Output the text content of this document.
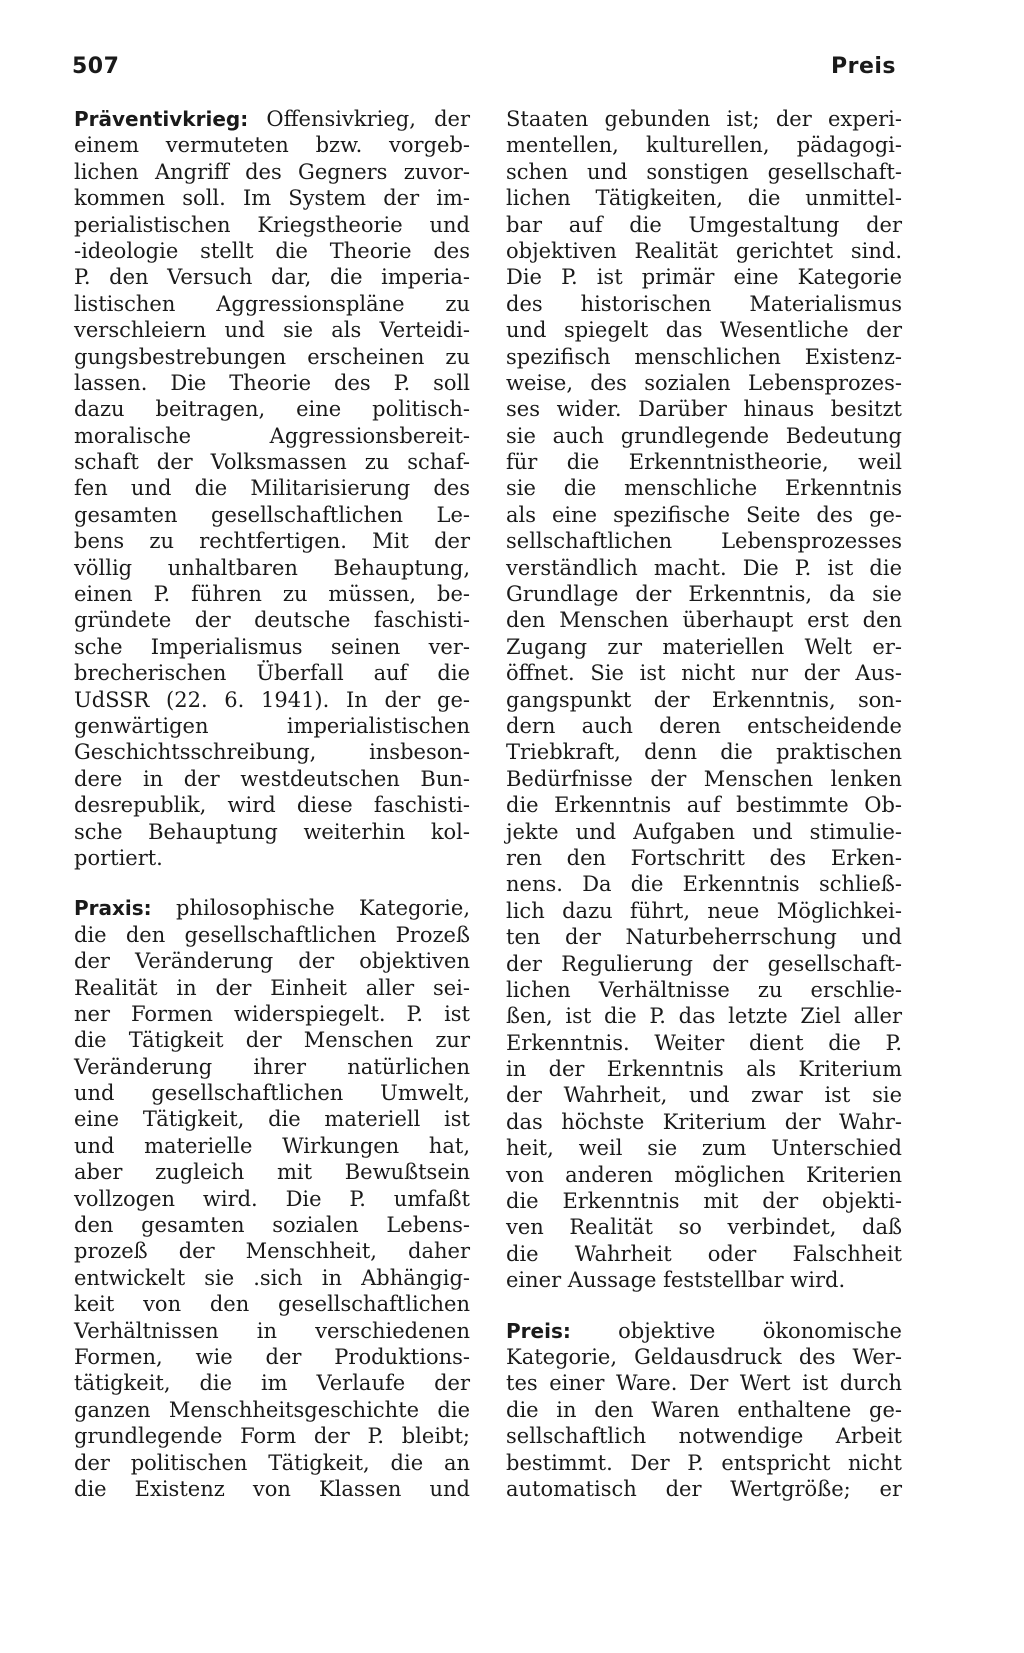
507	Preis
Präventivkrieg: Offensivkrieg, der
einem vermuteten bzw. vorgeb-
lichen Angriff des Gegners zuvor-
kommen soll. Im System der im-
perialistischen Kriegstheorie und
-ideologie stellt die Theorie des
P. den Versuch dar, die imperia-
listischen Aggressionspläne zu
verschleiern und sie als Verteidi-
gungsbestrebungen erscheinen zu
lassen. Die Theorie des P. soll
dazu beitragen, eine politisch-
moralische Aggressionsbereit-
schaft der Volksmassen zu schaf-
fen und die Militarisierung des
gesamten gesellschaftlichen Le-
bens zu rechtfertigen. Mit der
völlig unhaltbaren Behauptung,
einen P. führen zu müssen, be-
gründete der deutsche faschisti-
sche Imperialismus seinen ver-
brecherischen Überfall auf die
UdSSR (22. 6. 1941). In der ge-
genwärtigen imperialistischen
Geschichtsschreibung, insbeson-
dere in der westdeutschen Bun-
desrepublik, wird diese faschisti-
sche Behauptung weiterhin kol-
portiert.
Praxis: philosophische Kategorie,
die den gesellschaftlichen Prozeß
der Veränderung der objektiven
Realität in der Einheit aller sei-
ner Formen widerspiegelt. P. ist
die Tätigkeit der Menschen zur
Veränderung ihrer natürlichen
und gesellschaftlichen Umwelt,
eine Tätigkeit, die materiell ist
und materielle Wirkungen hat,
aber zugleich mit Bewußtsein
vollzogen wird. Die P. umfaßt
den gesamten sozialen Lebens-
prozeß der Menschheit, daher
entwickelt sie .sich in Abhängig-
keit von den gesellschaftlichen
Verhältnissen in verschiedenen
Formen, wie der Produktions-
tätigkeit, die im Verlaufe der
ganzen Menschheitsgeschichte die
grundlegende Form der P. bleibt;
der politischen Tätigkeit, die an
die Existenz von Klassen und
Staaten gebunden ist; der experi-
mentellen, kulturellen, pädagogi-
schen und sonstigen gesellschaft-
lichen Tätigkeiten, die unmittel-
bar auf die Umgestaltung der
objektiven Realität gerichtet sind.
Die P. ist primär eine Kategorie
des historischen Materialismus
und spiegelt das Wesentliche der
spezifisch menschlichen Existenz-
weise, des sozialen Lebensprozes-
ses wider. Darüber hinaus besitzt
sie auch grundlegende Bedeutung
für die Erkenntnistheorie, weil
sie die menschliche Erkenntnis
als eine spezifische Seite des ge-
sellschaftlichen Lebensprozesses
verständlich macht. Die P. ist die
Grundlage der Erkenntnis, da sie
den Menschen überhaupt erst den
Zugang zur materiellen Welt er-
öffnet. Sie ist nicht nur der Aus-
gangspunkt der Erkenntnis, son-
dern auch deren entscheidende
Triebkraft, denn die praktischen
Bedürfnisse der Menschen lenken
die Erkenntnis auf bestimmte Ob-
jekte und Aufgaben und stimulie-
ren den Fortschritt des Erken-
nens. Da die Erkenntnis schließ-
lich dazu führt, neue Möglichkei-
ten der Naturbeherrschung und
der Regulierung der gesellschaft-
lichen Verhältnisse zu erschlie-
ßen, ist die P. das letzte Ziel aller
Erkenntnis. Weiter dient die P.
in der Erkenntnis als Kriterium
der Wahrheit, und zwar ist sie
das höchste Kriterium der Wahr-
heit, weil sie zum Unterschied
von anderen möglichen Kriterien
die Erkenntnis mit der objekti-
ven Realität so verbindet, daß
die Wahrheit oder Falschheit
einer Aussage feststellbar wird.
Preis: objektive ökonomische
Kategorie, Geldausdruck des Wer-
tes einer Ware. Der Wert ist durch
die in den Waren enthaltene ge-
sellschaftlich notwendige Arbeit
bestimmt. Der P. entspricht nicht
automatisch der Wertgröße; er
